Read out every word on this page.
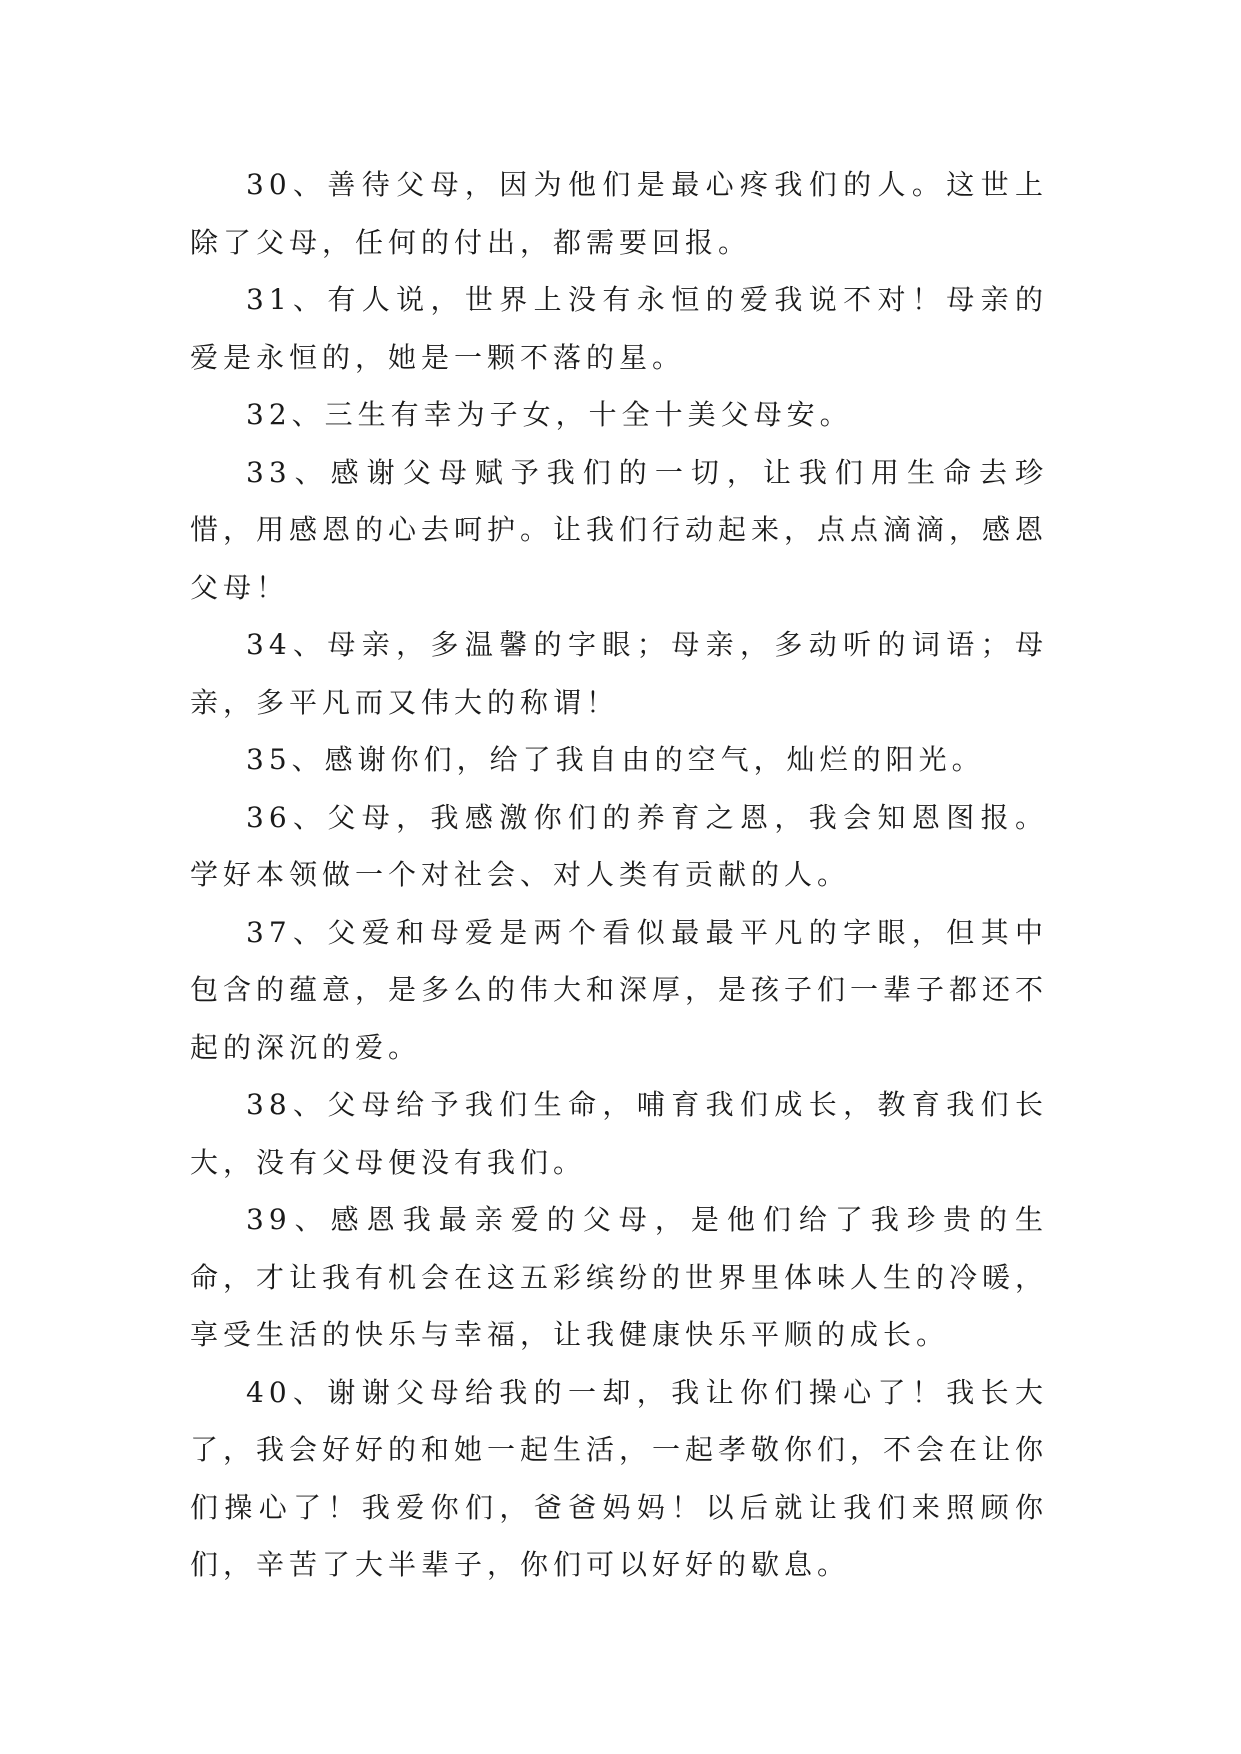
30、善待父母，因为他们是最心疼我们的人。这世上除了父母，任何的付出，都需要回报。

31、有人说，世界上没有永恒的爱我说不对！母亲的爱是永恒的，她是一颗不落的星。

32、三生有幸为子女，十全十美父母安。

33、感谢父母赋予我们的一切，让我们用生命去珍惜，用感恩的心去呵护。让我们行动起来，点点滴滴，感恩父母！

34、母亲，多温馨的字眼；母亲，多动听的词语；母亲，多平凡而又伟大的称谓！

35、感谢你们，给了我自由的空气，灿烂的阳光。

36、父母，我感激你们的养育之恩，我会知恩图报。学好本领做一个对社会、对人类有贡献的人。

37、父爱和母爱是两个看似最最平凡的字眼，但其中包含的蕴意，是多么的伟大和深厚，是孩子们一辈子都还不起的深沉的爱。

38、父母给予我们生命，哺育我们成长，教育我们长大，没有父母便没有我们。

39、感恩我最亲爱的父母，是他们给了我珍贵的生命，才让我有机会在这五彩缤纷的世界里体味人生的冷暖，享受生活的快乐与幸福，让我健康快乐平顺的成长。

40、谢谢父母给我的一却，我让你们操心了！我长大了，我会好好的和她一起生活，一起孝敬你们，不会在让你们操心了！我爱你们，爸爸妈妈！以后就让我们来照顾你们，辛苦了大半辈子，你们可以好好的歇息。
